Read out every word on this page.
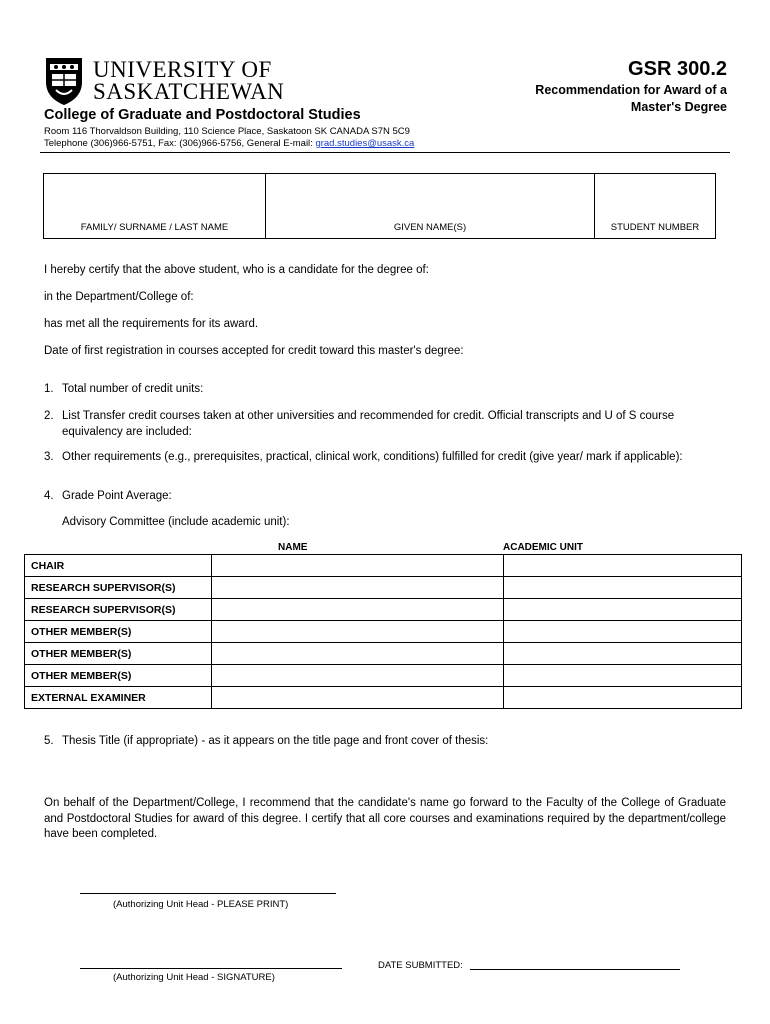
UNIVERSITY OF
SASKATCHEWAN
College of Graduate and Postdoctoral Studies
Room 116 Thorvaldson Building, 110 Science Place, Saskatoon SK CANADA S7N 5C9
Telephone (306)966-5751, Fax: (306)966-5756, General E-mail: grad.studies@usask.ca
GSR 300.2
Recommendation for Award of a
Master's Degree
FAMILY/ SURNAME / LAST NAME	GIVEN NAME(S)	STUDENT NUMBER
I hereby certify that the above student, who is a candidate for the degree of:
in the Department/College of:
has met all the requirements for its award.
Date of first registration in courses accepted for credit toward this master's degree:
1. Total number of credit units:
2. List Transfer credit courses taken at other universities and recommended for credit. Official transcripts and U of S course
equivalency are included:
3. Other requirements (e.g., prerequisites, practical, clinical work, conditions) fulfilled for credit (give year/ mark if applicable):
4. Grade Point Average:
Advisory Committee (include academic unit):
NAME	ACADEMIC UNIT
CHAIR		
RESEARCH SUPERVISOR(S)		
RESEARCH SUPERVISOR(S)		
OTHER MEMBER(S)		
OTHER MEMBER(S)		
OTHER MEMBER(S)		
EXTERNAL EXAMINER		
5. Thesis Title (if appropriate) - as it appears on the title page and front cover of thesis:
On behalf of the Department/College, I recommend that the candidate's name go forward to the Faculty of the College of Graduate and Postdoctoral Studies for award of this degree. I certify that all core courses and examinations required by the department/college have been completed.
(Authorizing Unit Head - PLEASE PRINT)
(Authorizing Unit Head - SIGNATURE)
DATE SUBMITTED:
